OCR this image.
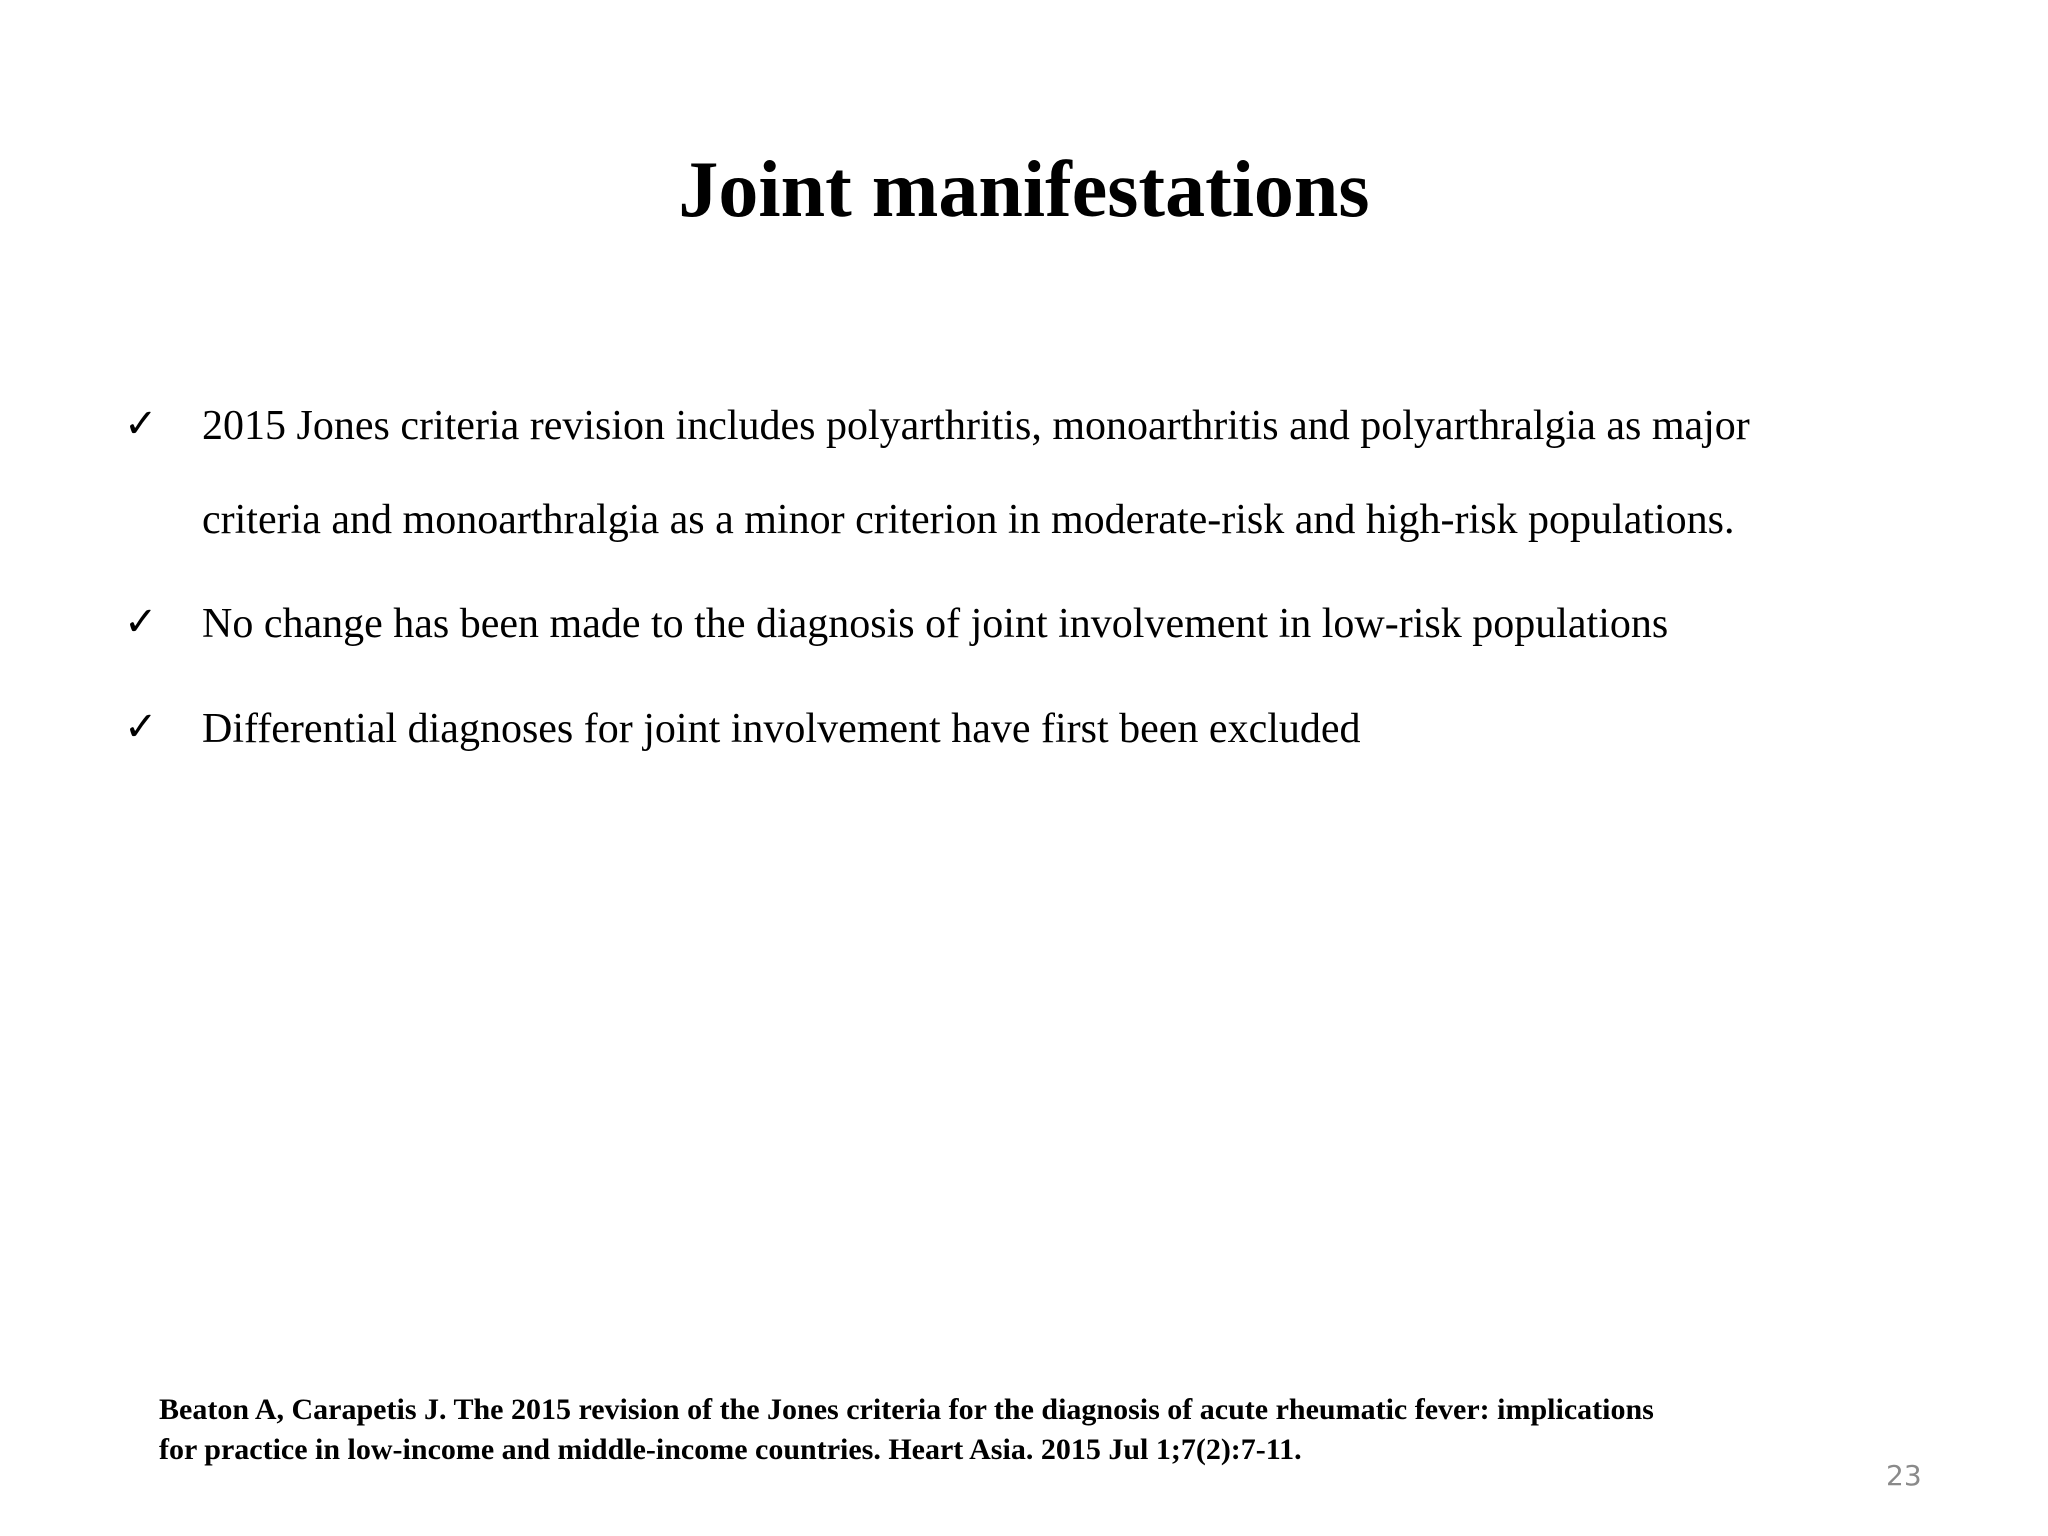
Joint manifestations
✓ 2015 Jones criteria revision includes polyarthritis, monoarthritis and polyarthralgia as major
criteria and monoarthralgia as a minor criterion in moderate-risk and high-risk populations.
✓ No change has been made to the diagnosis of joint involvement in low-risk populations
✓ Differential diagnoses for joint involvement have first been excluded
Beaton A, Carapetis J. The 2015 revision of the Jones criteria for the diagnosis of acute rheumatic fever: implications
for practice in low-income and middle-income countries. Heart Asia. 2015 Jul 1;7(2):7-11.
23
